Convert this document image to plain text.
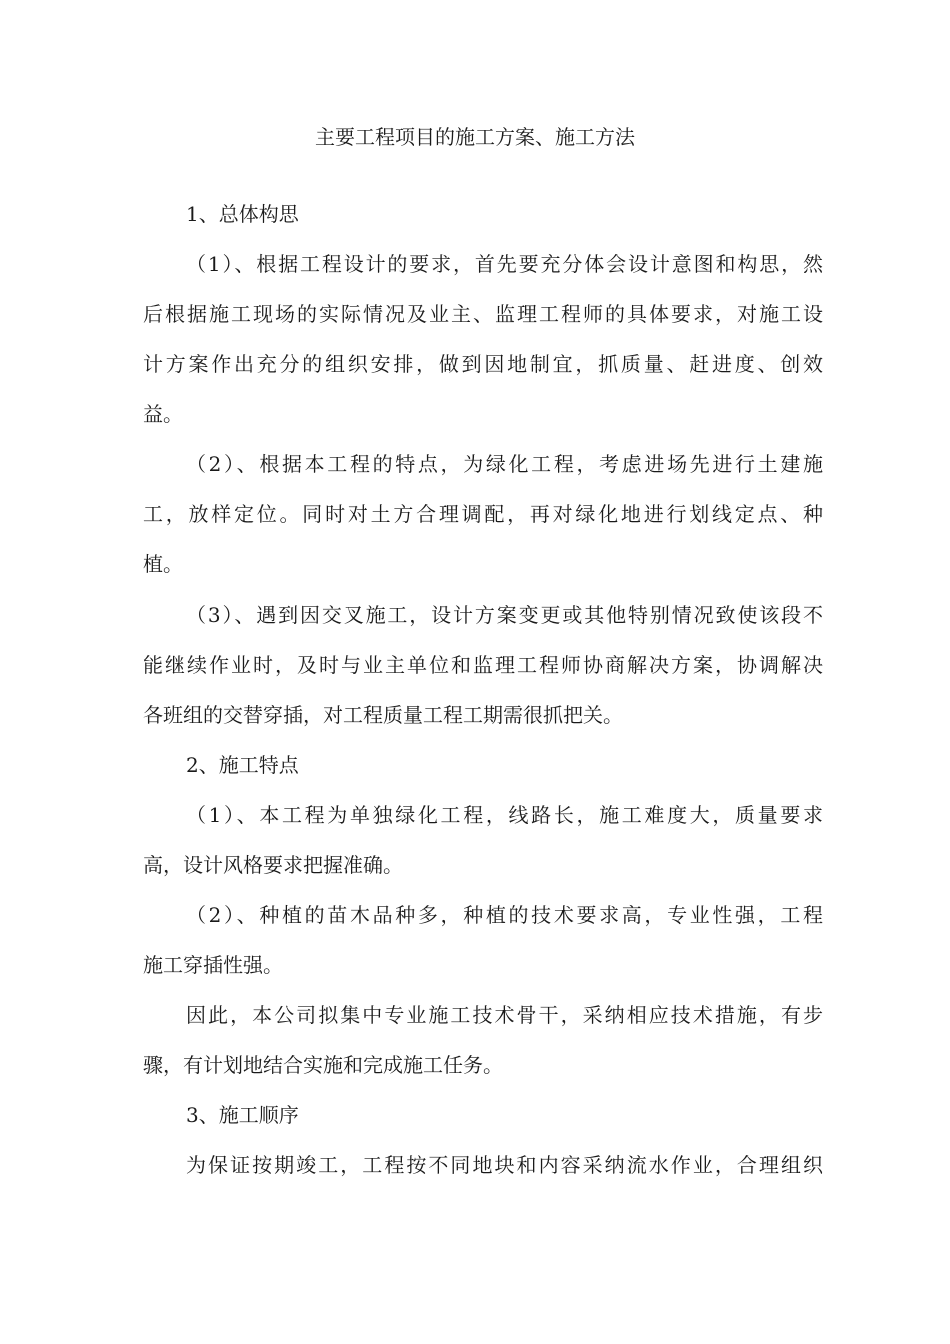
主要工程项目的施工方案、施工方法
1、总体构思
（1）、根据工程设计的要求，首先要充分体会设计意图和构思，然
后根据施工现场的实际情况及业主、监理工程师的具体要求，对施工设
计方案作出充分的组织安排，做到因地制宜，抓质量、赶进度、创效
益。
（2）、根据本工程的特点，为绿化工程，考虑进场先进行土建施
工，放样定位。同时对土方合理调配，再对绿化地进行划线定点、种
植。
（3）、遇到因交叉施工，设计方案变更或其他特别情况致使该段不
能继续作业时，及时与业主单位和监理工程师协商解决方案，协调解决
各班组的交替穿插，对工程质量工程工期需很抓把关。
2、施工特点
（1）、本工程为单独绿化工程，线路长，施工难度大，质量要求
高，设计风格要求把握准确。
（2）、种植的苗木品种多，种植的技术要求高，专业性强，工程
施工穿插性强。
因此，本公司拟集中专业施工技术骨干，采纳相应技术措施，有步
骤，有计划地结合实施和完成施工任务。
3、施工顺序
为保证按期竣工，工程按不同地块和内容采纳流水作业，合理组织
